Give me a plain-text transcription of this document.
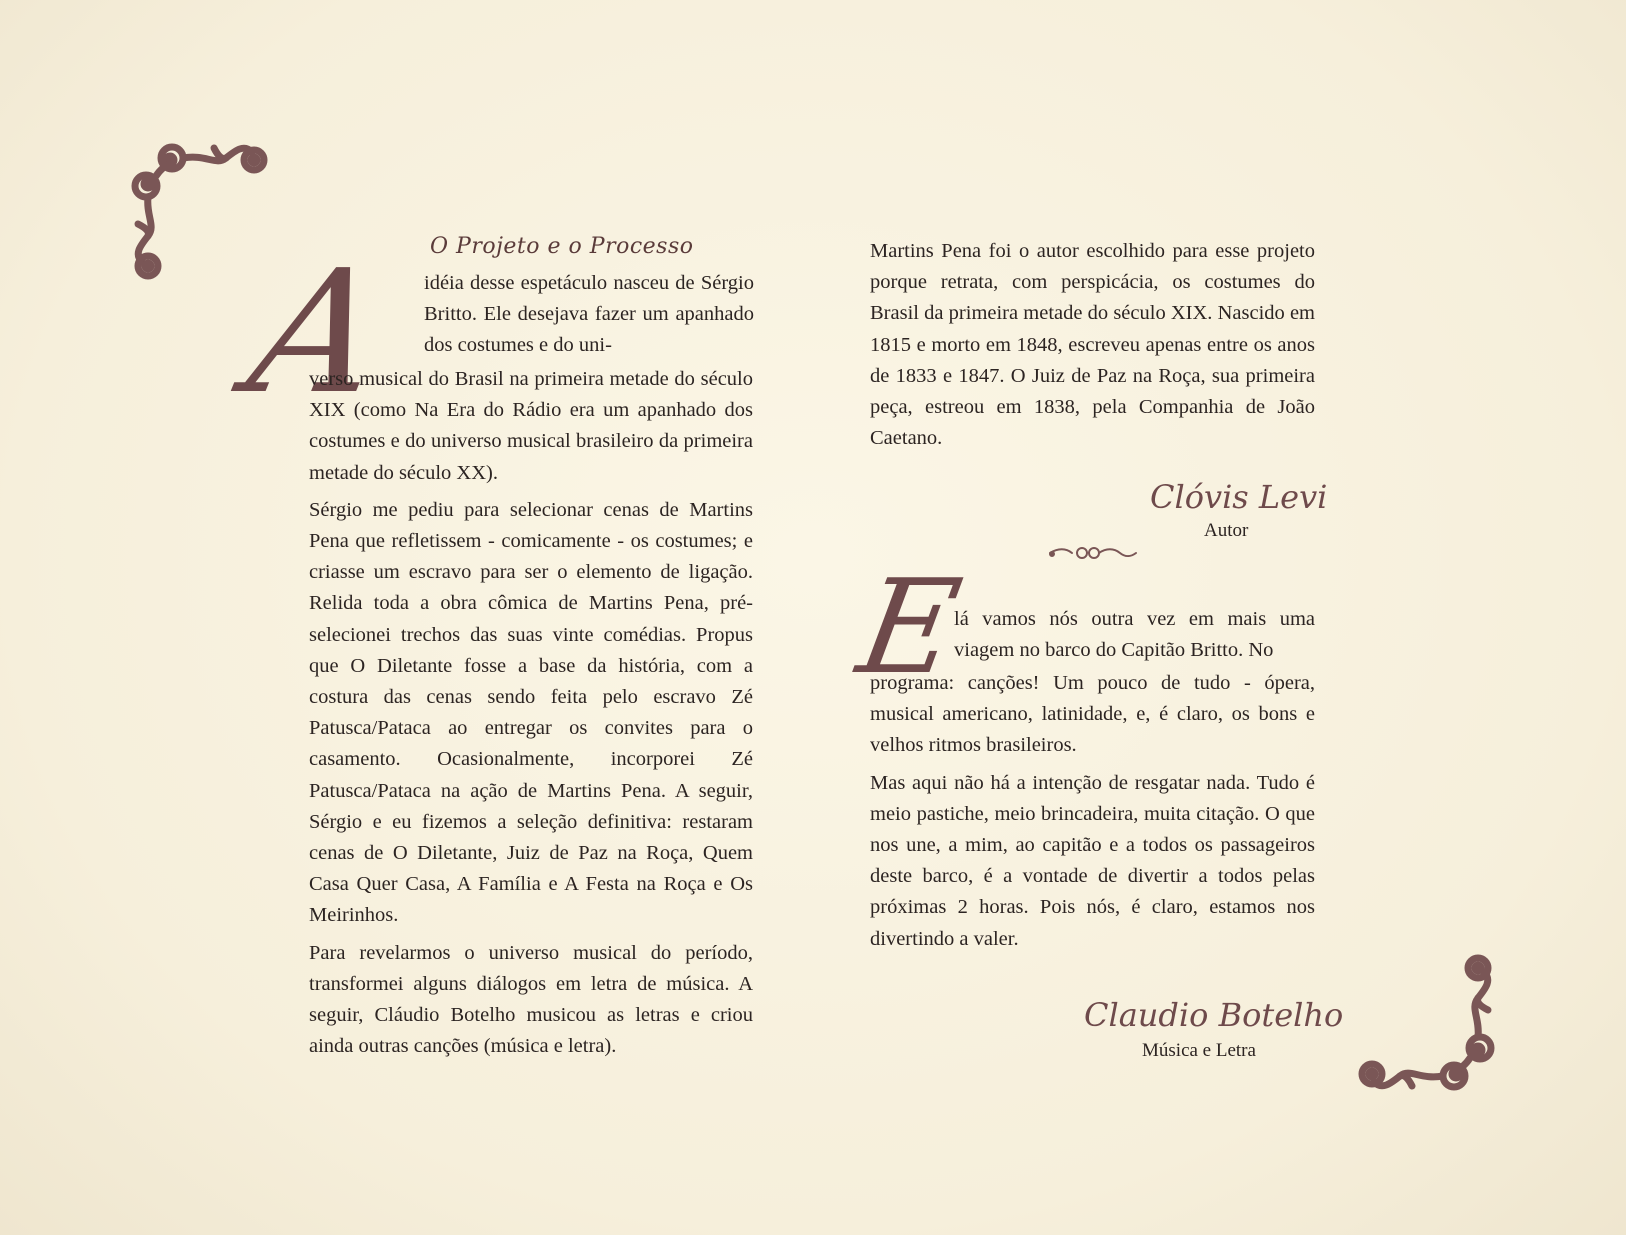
O Projeto e o Processo
A idéia desse espetáculo nasceu de Sérgio Britto. Ele desejava fazer um apanhado dos costumes e do uni-

verso musical do Brasil na primeira metade do século XIX (como Na Era do Rádio era um apanhado dos costumes e do universo musical brasileiro da primeira metade do século XX).

Sérgio me pediu para selecionar cenas de Martins Pena que refletissem - comicamente - os costumes; e criasse um escravo para ser o elemento de ligação. Relida toda a obra cômica de Martins Pena, pré-selecionei trechos das suas vinte comédias. Propus que O Diletante fosse a base da história, com a costura das cenas sendo feita pelo escravo Zé Patusca/Pataca ao entregar os convites para o casamento. Ocasionalmente, incorporei Zé Patusca/Pataca na ação de Martins Pena. A seguir, Sérgio e eu fizemos a seleção definitiva: restaram cenas de O Diletante, Juiz de Paz na Roça, Quem Casa Quer Casa, A Família e A Festa na Roça e Os Meirinhos.

Para revelarmos o universo musical do período, transformei alguns diálogos em letra de música. A seguir, Cláudio Botelho musicou as letras e criou ainda outras canções (música e letra).

Martins Pena foi o autor escolhido para esse projeto porque retrata, com perspicácia, os costumes do Brasil da primeira metade do século XIX. Nascido em 1815 e morto em 1848, escreveu apenas entre os anos de 1833 e 1847. O Juiz de Paz na Roça, sua primeira peça, estreou em 1838, pela Companhia de João Caetano.

Clóvis Levi
Autor
E

lá vamos nós outra vez em mais uma viagem no barco do Capitão Britto. No

programa: canções! Um pouco de tudo - ópera, musical americano, latinidade, e, é claro, os bons e velhos ritmos brasileiros.

Mas aqui não há a intenção de resgatar nada. Tudo é meio pastiche, meio brincadeira, muita citação. O que nos une, a mim, ao capitão e a todos os passageiros deste barco, é a vontade de divertir a todos pelas próximas 2 horas. Pois nós, é claro, estamos nos divertindo a valer.

Claudio Botelho
Música e Letra
